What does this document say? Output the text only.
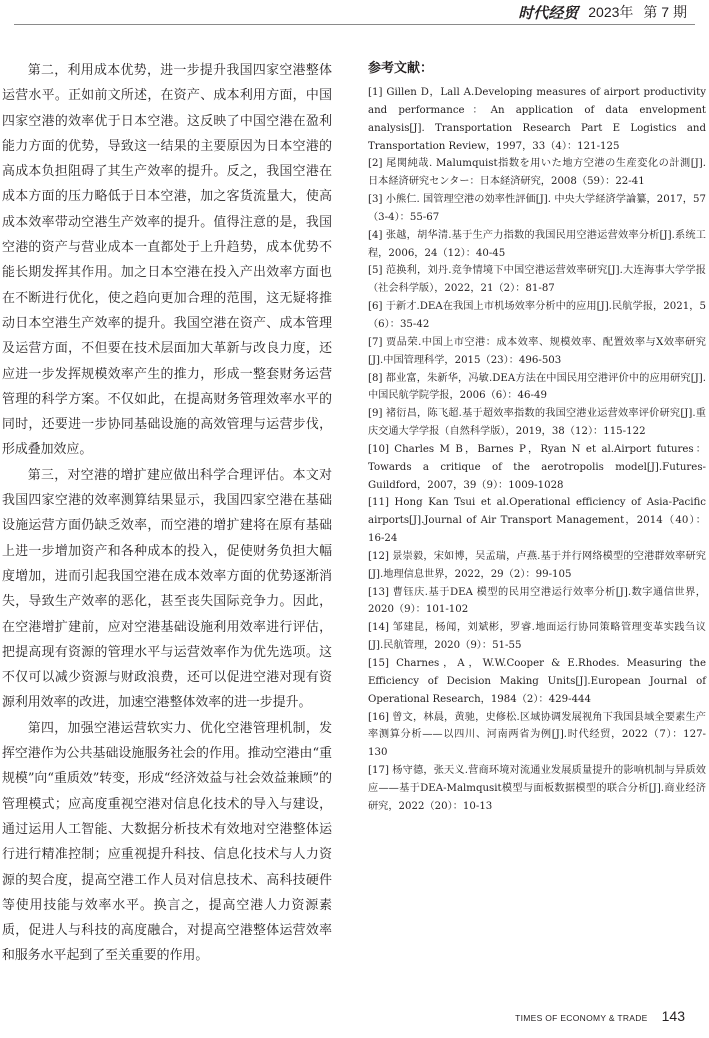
时代经贸 2023年 第 7 期

第二，利用成本优势，进一步提升我国四家空港整体运营水平。正如前文所述，在资产、成本利用方面，中国四家空港的效率优于日本空港。这反映了中国空港在盈利能力方面的优势，导致这一结果的主要原因为日本空港的高成本负担阻碍了其生产效率的提升。反之，我国空港在成本方面的压力略低于日本空港，加之客货流量大，使高成本效率带动空港生产效率的提升。值得注意的是，我国空港的资产与营业成本一直都处于上升趋势，成本优势不能长期发挥其作用。加之日本空港在投入产出效率方面也在不断进行优化，使之趋向更加合理的范围，这无疑将推动日本空港生产效率的提升。我国空港在资产、成本管理及运营方面，不但要在技术层面加大革新与改良力度，还应进一步发挥规模效率产生的推力，形成一整套财务运营管理的科学方案。不仅如此，在提高财务管理效率水平的同时，还要进一步协同基础设施的高效管理与运营步伐，形成叠加效应。

第三，对空港的增扩建应做出科学合理评估。本文对我国四家空港的效率测算结果显示，我国四家空港在基础设施运营方面仍缺乏效率，而空港的增扩建将在原有基础上进一步增加资产和各种成本的投入，促使财务负担大幅度增加，进而引起我国空港在成本效率方面的优势逐渐消失，导致生产效率的恶化，甚至丧失国际竞争力。因此，在空港增扩建前，应对空港基础设施利用效率进行评估，把提高现有资源的管理水平与运营效率作为优先选项。这不仅可以减少资源与财政浪费，还可以促进空港对现有资源利用效率的改进，加速空港整体效率的进一步提升。

第四，加强空港运营软实力、优化空港管理机制，发挥空港作为公共基础设施服务社会的作用。推动空港由“重规模”向“重质效”转变，形成“经济效益与社会效益兼顾”的管理模式；应高度重视空港对信息化技术的导入与建设，通过运用人工智能、大数据分析技术有效地对空港整体运行进行精准控制；应重视提升科技、信息化技术与人力资源的契合度，提高空港工作人员对信息技术、高科技硬件等使用技能与效率水平。换言之，提高空港人力资源素质，促进人与科技的高度融合，对提高空港整体运营效率和服务水平起到了至关重要的作用。

参考文献：

[1] Gillen D，Lall A.Developing measures of airport productivity and performance：An application of data envelopment analysis[J]. Transportation Research Part E Logistics and Transportation Review，1997，33（4）：121-125

[2] 尾関純哉. Malumquist指数を用いた地方空港の生産変化の計測[J]. 日本経済研究センター：日本経済研究，2008（59）：22-41

[3] 小熊仁. 国管理空港の効率性評価[J]. 中央大学経済学論纂，2017，57（3-4）：55-67

[4] 张越，胡华清.基于生产力指数的我国民用空港运营效率分析[J].系统工程，2006，24（12）：40-45

[5] 范换利，刘丹.竞争情境下中国空港运营效率研究[J].大连海事大学学报（社会科学版），2022，21（2）：81-87

[6] 于新才.DEA在我国上市机场效率分析中的应用[J].民航学报，2021，5（6）：35-42

[7] 贾品荣.中国上市空港：成本效率、规模效率、配置效率与X效率研究[J].中国管理科学，2015（23）：496-503

[8] 都业富，朱新华，冯敏.DEA方法在中国民用空港评价中的应用研究[J].中国民航学院学报，2006（6）：46-49

[9] 褚衍昌，陈飞超.基于超效率指数的我国空港业运营效率评价研究[J].重庆交通大学学报（自然科学版），2019，38（12）：115-122

[10] Charles M B，Barnes P，Ryan N et al.Airport futures：Towards a critique of the aerotropolis model[J].Futures-Guildford，2007，39（9）：1009-1028

[11] Hong Kan Tsui et al.Operational efficiency of Asia-Pacific airports[J].Journal of Air Transport Management，2014（40）：16-24

[12] 景崇毅，宋如博，吴孟瑞，卢燕.基于并行网络模型的空港群效率研究[J].地理信息世界，2022，29（2）：99-105

[13] 曹钰庆.基于DEA 模型的民用空港运行效率分析[J].数字通信世界，2020（9）：101-102

[14] 邹建昆，杨闻，刘斌彬，罗睿.地面运行协同策略管理变革实践刍议[J].民航管理，2020（9）：51-55

[15] Charnes，A，W.W.Cooper & E.Rhodes. Measuring the Efficiency of Decision Making Units[J].European Journal of Operational Research，1984（2）：429-444

[16] 曾文，林晨，黄驰，史修松.区域协调发展视角下我国县域全要素生产率测算分析——以四川、河南两省为例[J].时代经贸，2022（7）：127-130

[17] 杨守德，张天义.营商环境对流通业发展质量提升的影响机制与异质效应——基于DEA-Malmqusit模型与面板数据模型的联合分析[J].商业经济研究，2022（20）：10-13

TIMES OF ECONOMY & TRADE 143
